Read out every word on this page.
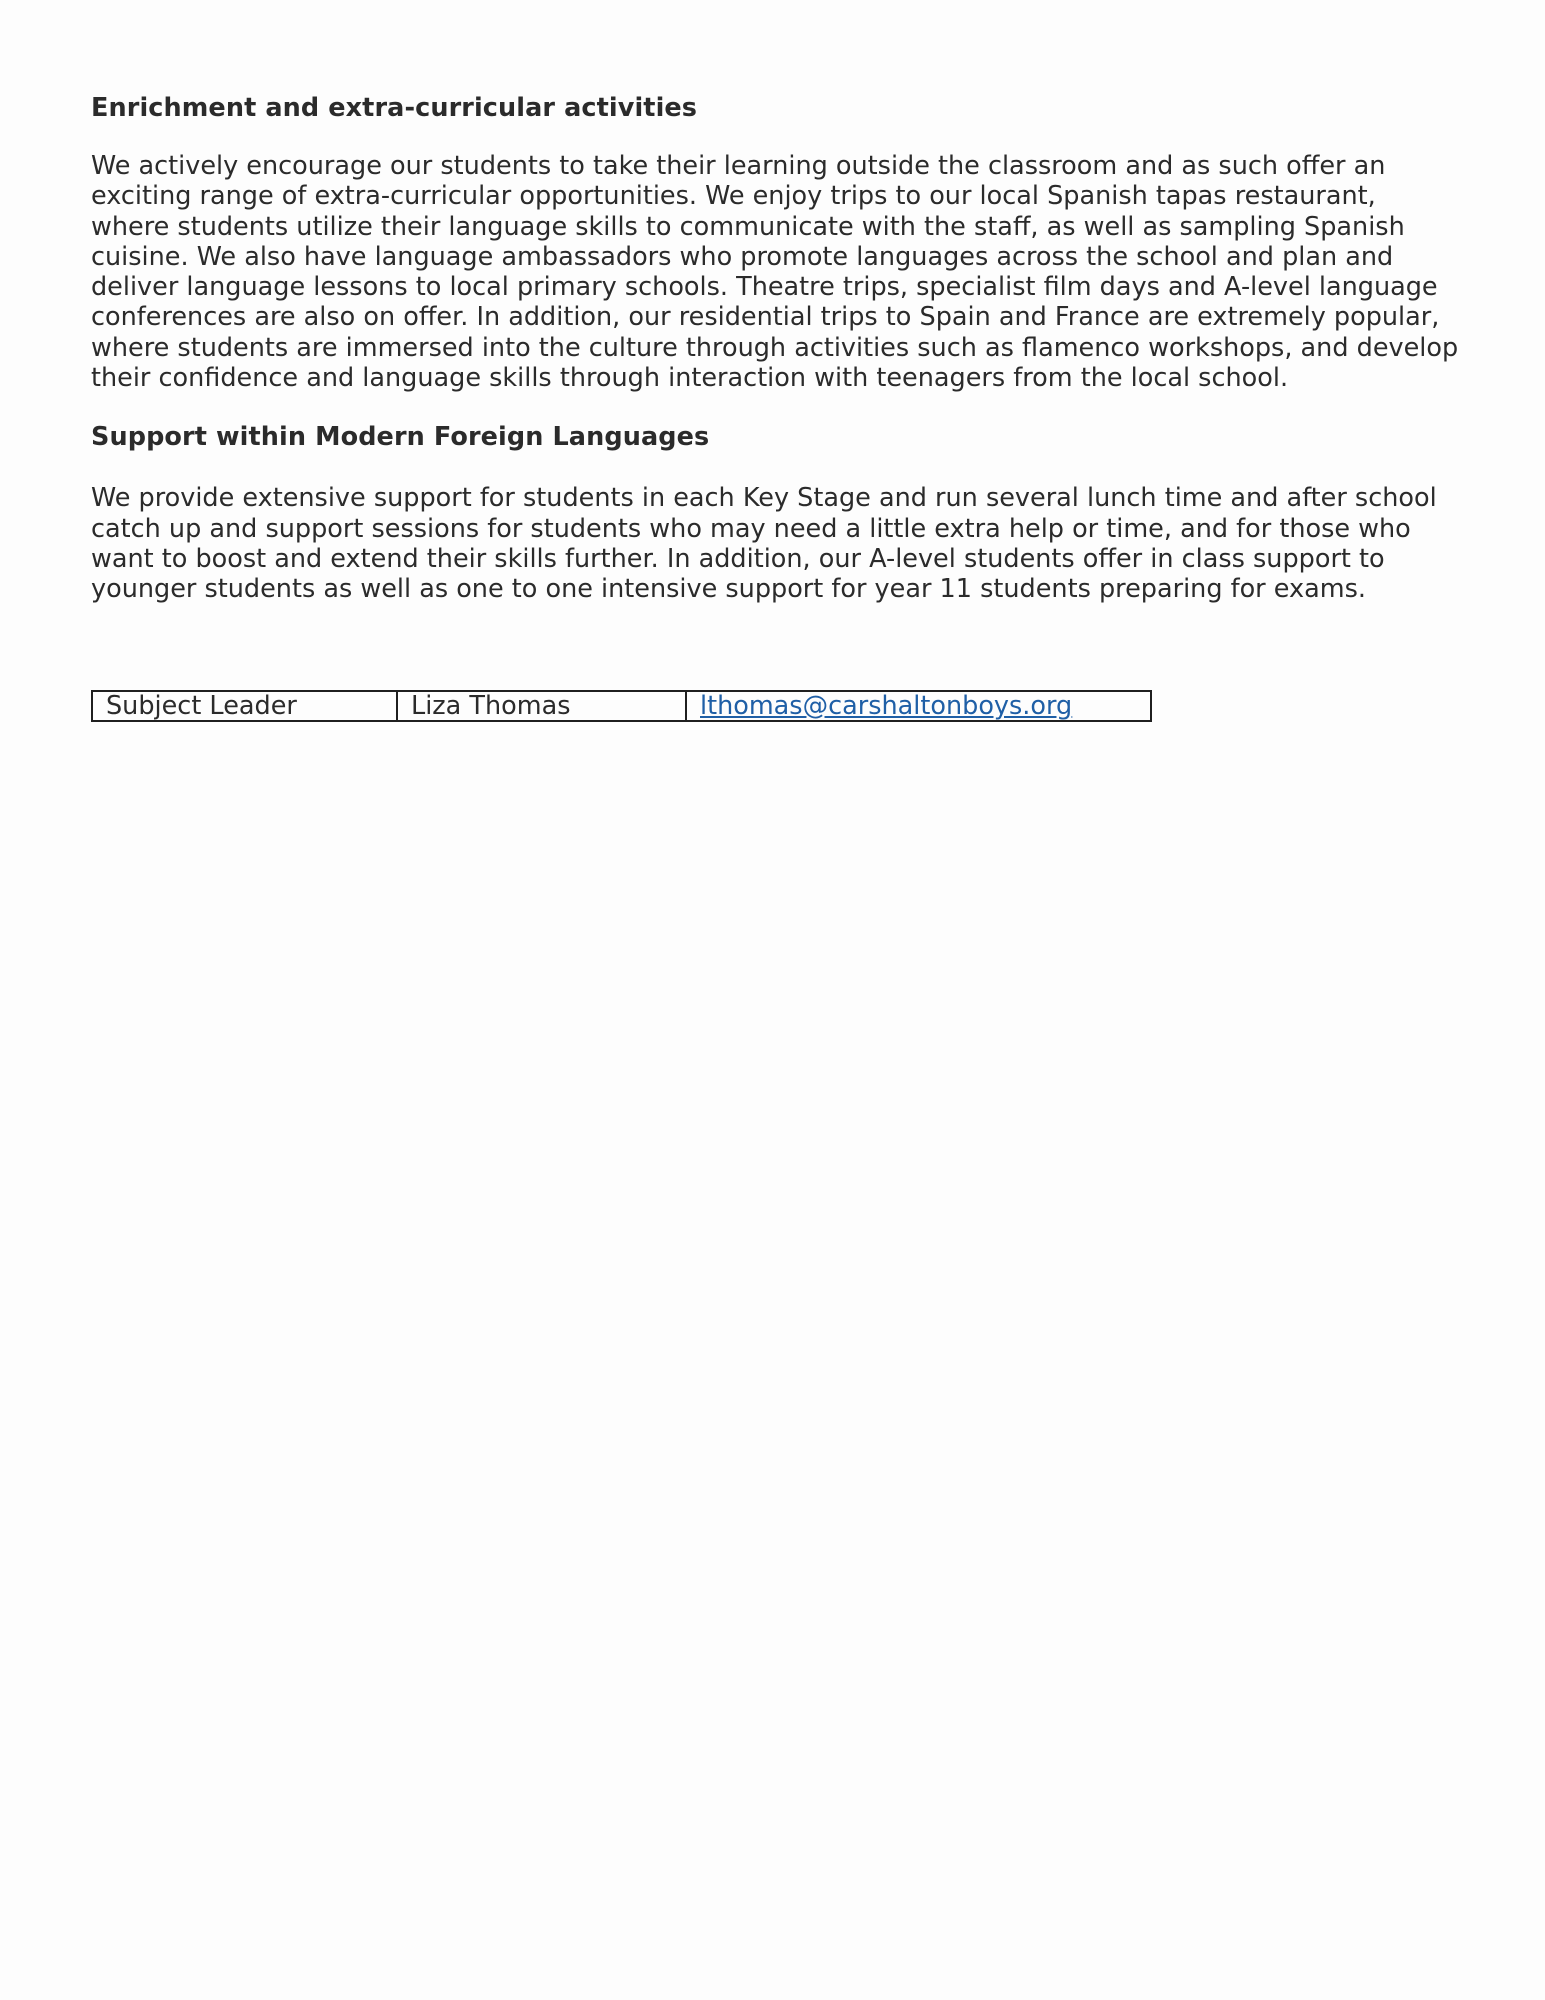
Enrichment and extra-curricular activities

We actively encourage our students to take their learning outside the classroom and as such offer an
exciting range of extra-curricular opportunities. We enjoy trips to our local Spanish tapas restaurant,
where students utilize their language skills to communicate with the staff, as well as sampling Spanish
cuisine. We also have language ambassadors who promote languages across the school and plan and
deliver language lessons to local primary schools. Theatre trips, specialist film days and A-level language
conferences are also on offer. In addition, our residential trips to Spain and France are extremely popular,
where students are immersed into the culture through activities such as flamenco workshops, and develop
their confidence and language skills through interaction with teenagers from the local school.

Support within Modern Foreign Languages

We provide extensive support for students in each Key Stage and run several lunch time and after school
catch up and support sessions for students who may need a little extra help or time, and for those who
want to boost and extend their skills further. In addition, our A-level students offer in class support to
younger students as well as one to one intensive support for year 11 students preparing for exams.

Subject Leader	Liza Thomas	lthomas@carshaltonboys.org
